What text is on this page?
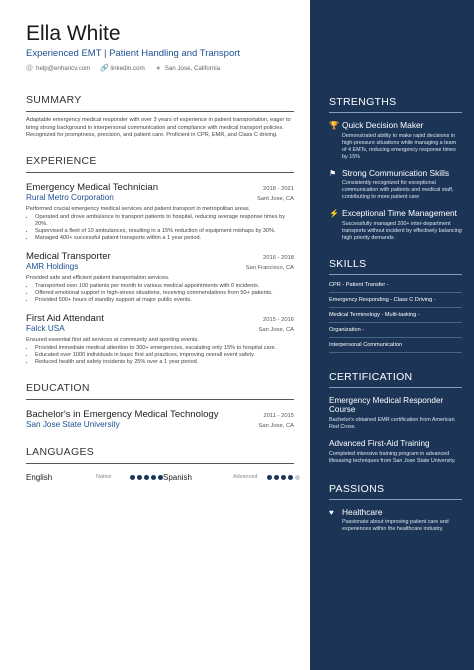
Ella White
Experienced EMT | Patient Handling and Transport
@ help@enhancv.com 🔗 linkedin.com ● San Jose, California
SUMMARY
Adaptable emergency medical responder with over 3 years of experience in patient transportation, eager to bring strong background in interpersonal communication and compliance with medical transport policies. Recognized for promptness, precision, and patient care. Proficient in CPR, EMR, and Class C driving.
EXPERIENCE
Emergency Medical Technician	2018 - 2021
Rural Metro Corporation	Sant Jose, CA
Performed crucial emergency medical services and patient transport in metropolitan areas.
• Operated and drove ambulance to transport patients to hospital, reducing average response times by 20%.
• Supervised a fleet of 10 ambulances, resulting in a 15% reduction of equipment mishaps by 30%.
• Managed 400+ successful patient transports within a 1 year period.
Medical Transporter	2016 - 2018
AMR Holdings	San Francisco, CA
Provided safe and efficient patient transportation services.
• Transported over 100 patients per month to various medical appointments with 0 incidents.
• Offered emotional support in high-stress situations, receiving commendations from 50+ patients.
• Provided 500+ hours of standby support at major public events.
First Aid Attendant	2015 - 2016
Falck USA	San Jose, CA
Ensured essential first aid services at community and sporting events.
• Provided immediate medical attention to 300+ emergencies, escalating only 15% to hospital care.
• Educated over 1000 individuals in basic first aid practices, improving overall event safety.
• Reduced health and safety incidents by 25% over a 1 year period.
EDUCATION
Bachelor's in Emergency Medical Technology	2011 - 2015
San Jose State University	San Jose, CA
LANGUAGES
English	Native	Spanish	Advanced
STRENGTHS
🏆 Quick Decision Maker
Demonstrated ability to make rapid decisions in high-pressure situations while managing a team of 4 EMTs, reducing emergency response times by 15%
⚑ Strong Communication Skills
Consistently recognized for exceptional communication with patients and medical staff, contributing to more patient care
⚡ Exceptional Time Management
Successfully managed 200+ inter-department transports without incident by effectively balancing high priority demands.
SKILLS
CPR - Patient Transfer -
Emergency Responding - Class C Driving -
Medical Terminology - Multi-tasking -
Organization -
Interpersonal Communication
CERTIFICATION
Emergency Medical Responder Course
Bachelor's obtained EMR certification from American Red Cross.
Advanced First-Aid Training
Completed intensive training program in advanced lifesaving techniques from San Jose State University.
PASSIONS
♥ Healthcare
Passionate about improving patient care and experiences within the healthcare industry.
